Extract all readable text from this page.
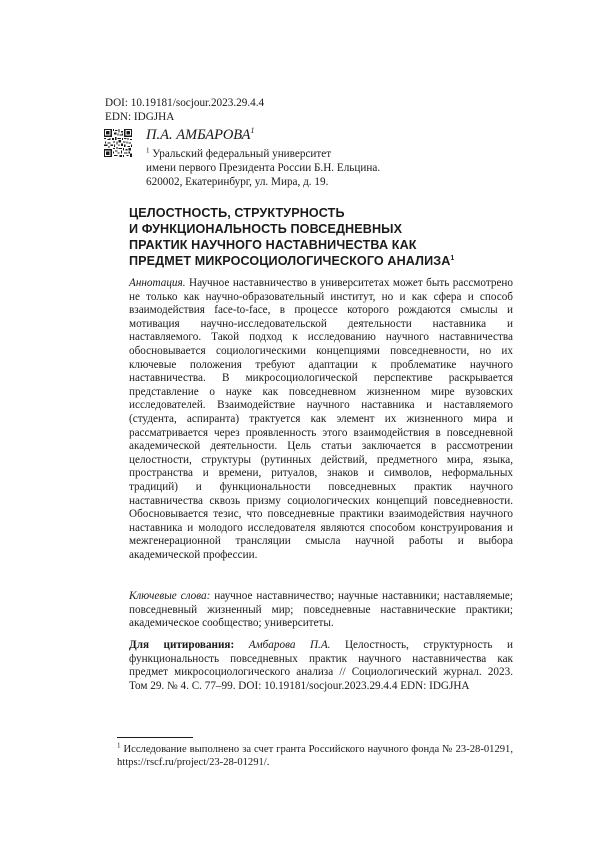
DOI: 10.19181/socjour.2023.29.4.4
EDN: IDGJHA
П.А. АМБАРОВА$^1$
$^1$ Уральский федеральный университет
имени первого Президента России Б.Н. Ельцина.
620002, Екатеринбург, ул. Мира, д. 19.
ЦЕЛОСТНОСТЬ, СТРУКТУРНОСТЬ
И ФУНКЦИОНАЛЬНОСТЬ ПОВСЕДНЕВНЫХ
ПРАКТИК НАУЧНОГО НАСТАВНИЧЕСТВА КАК
ПРЕДМЕТ МИКРОСОЦИОЛОГИЧЕСКОГО АНАЛИЗА$^1$
Аннотация. Научное наставничество в университетах может быть рассмотрено не только как научно-образовательный институт, но и как сфера и способ взаимодействия face-to-face, в процессе которого рождаются смыслы и мотивация научно-исследовательской деятельности наставника и наставляемого. Такой подход к исследованию научного наставничества обосновывается социологическими концепциями повседневности, но их ключевые положения требуют адаптации к проблематике научного наставничества. В микросоциологической перспективе раскрывается представление о науке как повседневном жизненном мире вузовских исследователей. Взаимодействие научного наставника и наставляемого (студента, аспиранта) трактуется как элемент их жизненного мира и рассматривается через проявленность этого взаимодействия в повседневной академической деятельности. Цель статьи заключается в рассмотрении целостности, структуры (рутинных действий, предметного мира, языка, пространства и времени, ритуалов, знаков и символов, неформальных традиций) и функциональности повседневных практик научного наставничества сквозь призму социологических концепций повседневности. Обосновывается тезис, что повседневные практики взаимодействия научного наставника и молодого исследователя являются способом конструирования и межгенерационной трансляции смысла научной работы и выбора академической профессии.
Ключевые слова: научное наставничество; научные наставники; наставляемые; повседневный жизненный мир; повседневные наставнические практики; академическое сообщество; университеты.
Для цитирования: Амбарова П.А. Целостность, структурность и функциональность повседневных практик научного наставничества как предмет микросоциологического анализа // Социологический журнал. 2023. Том 29. № 4. С. 77–99. DOI: 10.19181/socjour.2023.29.4.4 EDN: IDGJHA
$^1$ Исследование выполнено за счет гранта Российского научного фонда № 23-28-01291, https://rscf.ru/project/23-28-01291/.
